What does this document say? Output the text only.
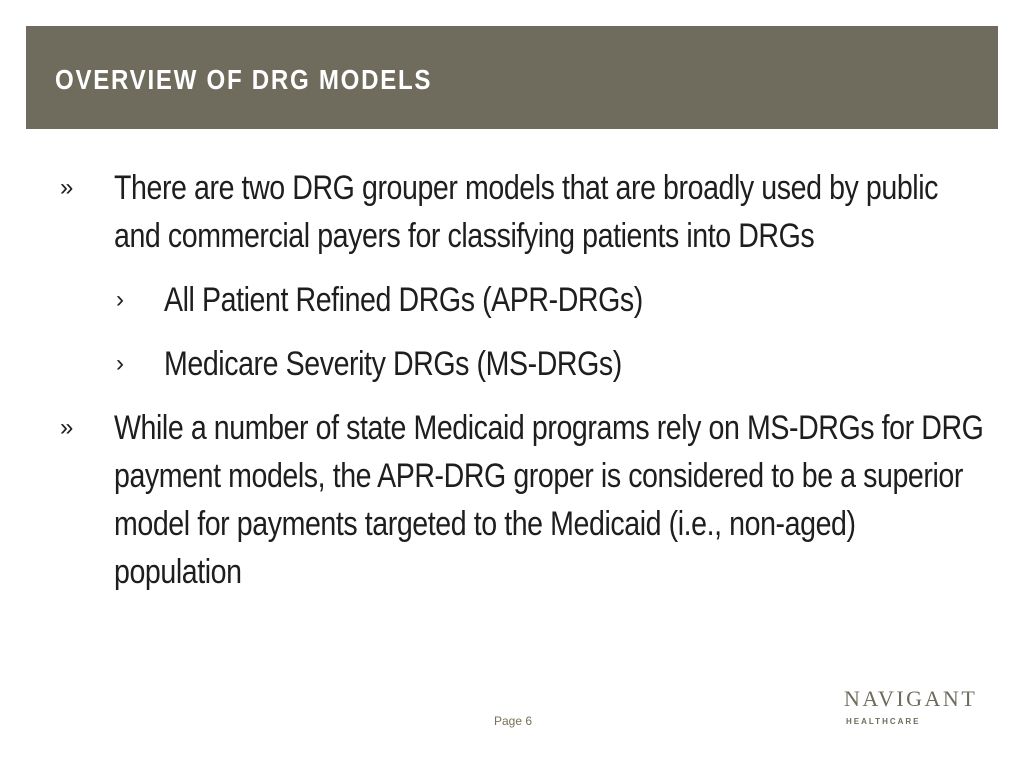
OVERVIEW OF DRG MODELS
» There are two DRG grouper models that are broadly used by public and commercial payers for classifying patients into DRGs
› All Patient Refined DRGs (APR-DRGs)
› Medicare Severity DRGs (MS-DRGs)
» While a number of state Medicaid programs rely on MS-DRGs for DRG payment models, the APR-DRG groper is considered to be a superior model for payments targeted to the Medicaid (i.e., non-aged) population
Page 6
NAVIGANT
HEALTHCARE
